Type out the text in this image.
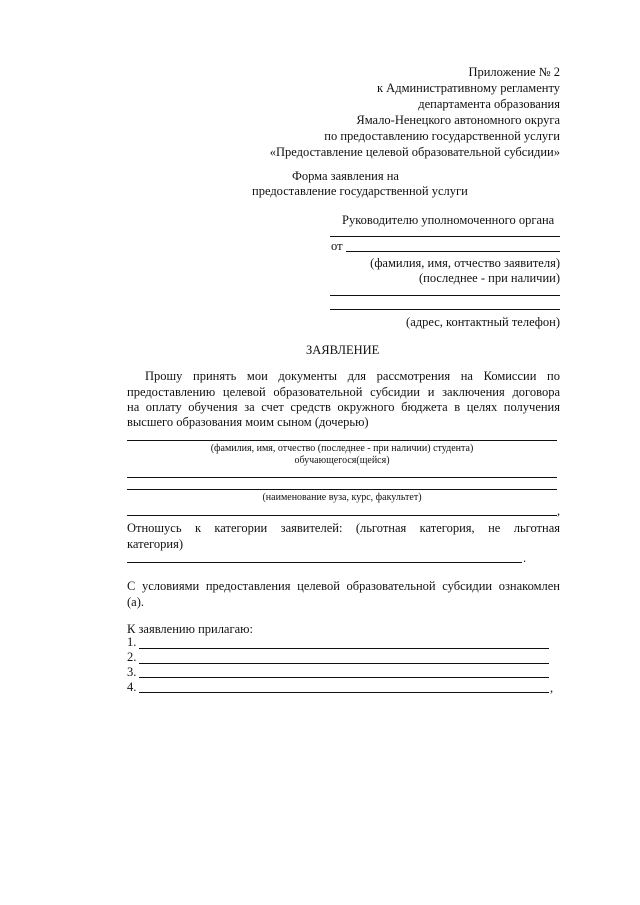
Приложение № 2
к Административному регламенту
департамента образования
Ямало-Ненецкого автономного округа
по предоставлению государственной услуги
«Предоставление целевой образовательной субсидии»
Форма заявления на
предоставление государственной услуги
Руководителю уполномоченного органа
от
(фамилия, имя, отчество заявителя)
(последнее - при наличии)
(адрес, контактный телефон)
ЗАЯВЛЕНИЕ
Прошу принять мои документы для рассмотрения на Комиссии по
предоставлению целевой образовательной субсидии и заключения договора
на оплату обучения за счет средств окружного бюджета в целях получения
высшего образования моим сыном (дочерью)
(фамилия, имя, отчество (последнее - при наличии) студента)
обучающегося(щейся)
(наименование вуза, курс, факультет)
,
Отношусь к категории заявителей: (льготная категория, не льготная
категория)
.
С условиями предоставления целевой образовательной субсидии ознакомлен
(а).
К заявлению прилагаю:
1.
2.
3.
4.	,
